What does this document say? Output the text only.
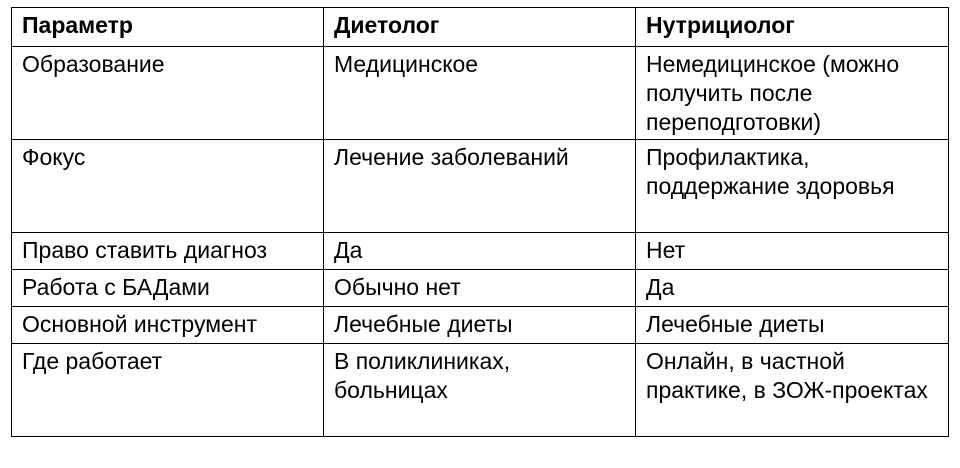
Параметр	Диетолог	Нутрициолог
Образование	Медицинское	Немедицинское (можно получить после переподготовки)
Фокус	Лечение заболеваний	Профилактика, поддержание здоровья
Право ставить диагноз	Да	Нет
Работа с БАДами	Обычно нет	Да
Основной инструмент	Лечебные диеты	Лечебные диеты
Где работает	В поликлиниках, больницах	Онлайн, в частной практике, в ЗОЖ-проектах
